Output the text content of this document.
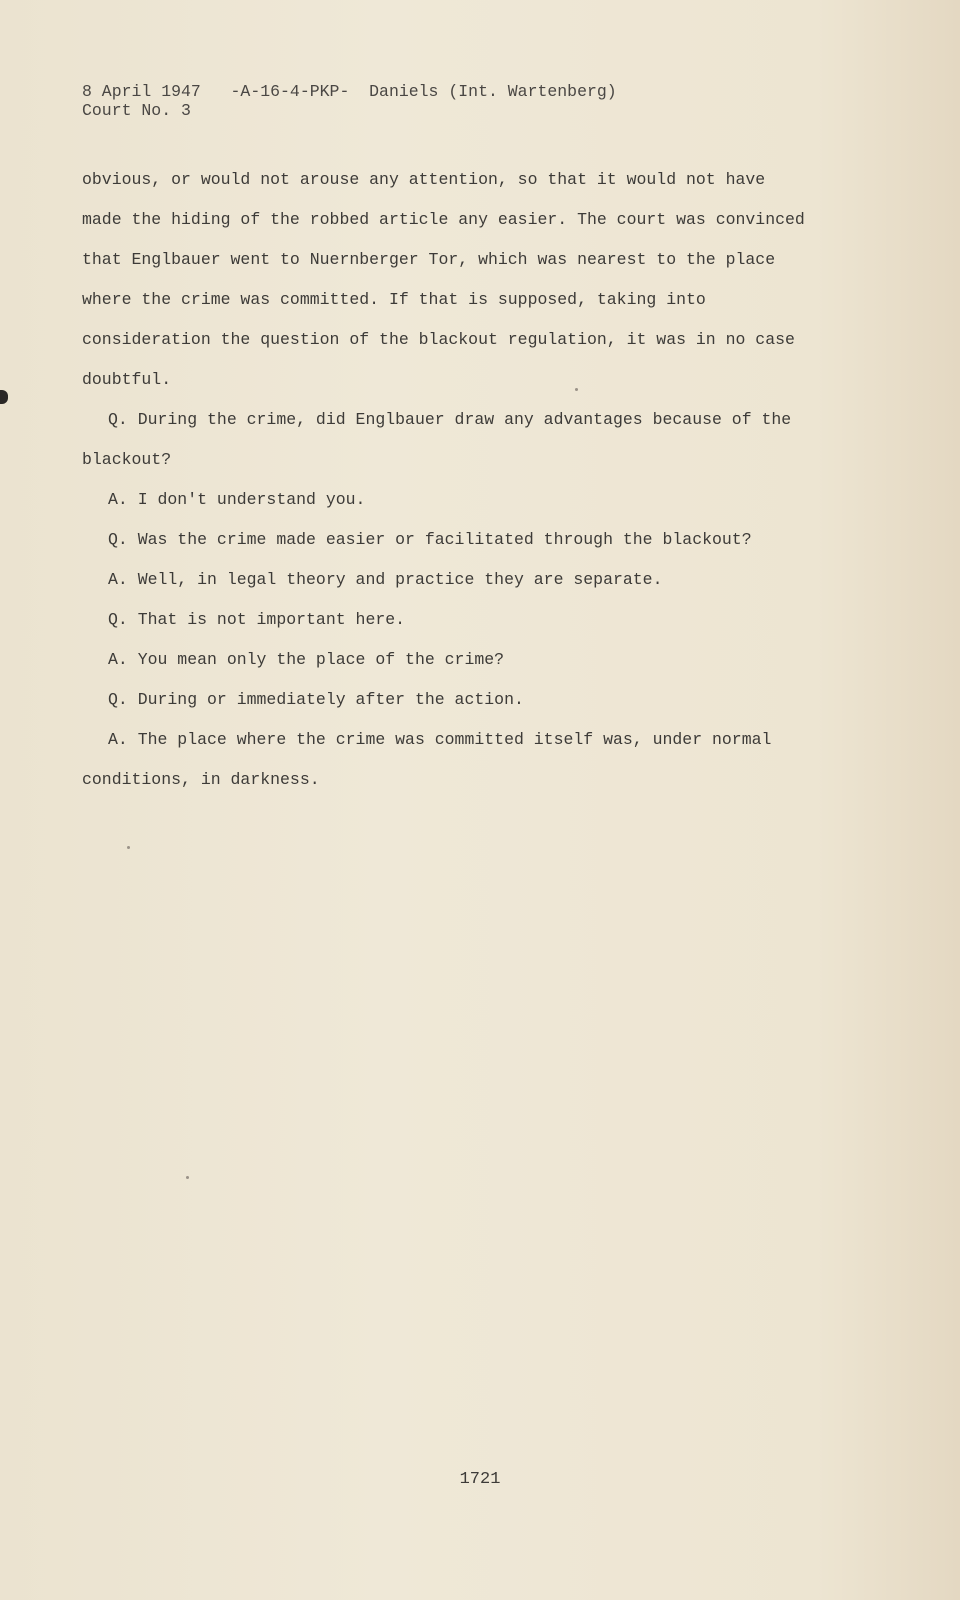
8 April 1947   -A-16-4-PKP-  Daniels (Int. Wartenberg)
Court No. 3
obvious, or would not arouse any attention, so that it would not have
made the hiding of the robbed article any easier. The court was convinced
that Englbauer went to Nuernberger Tor, which was nearest to the place
where the crime was committed. If that is supposed, taking into
consideration the question of the blackout regulation, it was in no case
doubtful.
Q. During the crime, did Englbauer draw any advantages because of the
blackout?
A. I don't understand you.
Q. Was the crime made easier or facilitated through the blackout?
A. Well, in legal theory and practice they are separate.
Q. That is not important here.
A. You mean only the place of the crime?
Q. During or immediately after the action.
A. The place where the crime was committed itself was, under normal
conditions, in darkness.
1721
